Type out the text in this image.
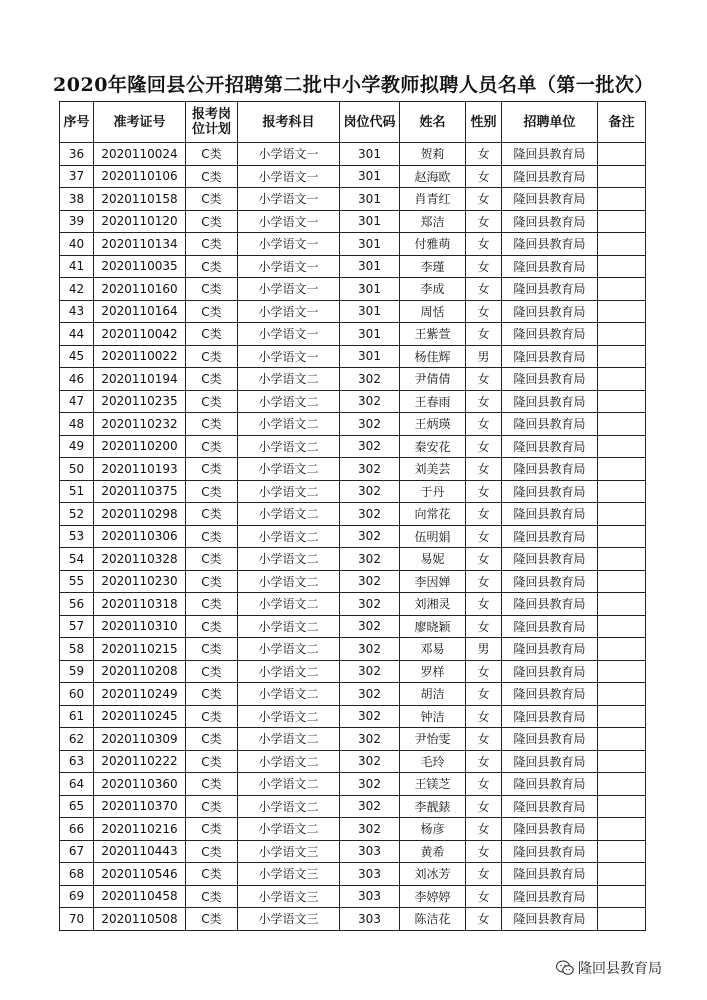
2020年隆回县公开招聘第二批中小学教师拟聘人员名单（第一批次）
序号	准考证号	报考岗位计划	报考科目	岗位代码	姓名	性别	招聘单位	备注
36	2020110024	C类	小学语文一	301	贺莉	女	隆回县教育局	
37	2020110106	C类	小学语文一	301	赵海欧	女	隆回县教育局	
38	2020110158	C类	小学语文一	301	肖青红	女	隆回县教育局	
39	2020110120	C类	小学语文一	301	郑洁	女	隆回县教育局	
40	2020110134	C类	小学语文一	301	付雅萌	女	隆回县教育局	
41	2020110035	C类	小学语文一	301	李瑾	女	隆回县教育局	
42	2020110160	C类	小学语文一	301	李成	女	隆回县教育局	
43	2020110164	C类	小学语文一	301	周恬	女	隆回县教育局	
44	2020110042	C类	小学语文一	301	王紫萱	女	隆回县教育局	
45	2020110022	C类	小学语文一	301	杨佳辉	男	隆回县教育局	
46	2020110194	C类	小学语文二	302	尹倩倩	女	隆回县教育局	
47	2020110235	C类	小学语文二	302	王春雨	女	隆回县教育局	
48	2020110232	C类	小学语文二	302	王炳瑛	女	隆回县教育局	
49	2020110200	C类	小学语文二	302	秦安花	女	隆回县教育局	
50	2020110193	C类	小学语文二	302	刘美芸	女	隆回县教育局	
51	2020110375	C类	小学语文二	302	于丹	女	隆回县教育局	
52	2020110298	C类	小学语文二	302	向常花	女	隆回县教育局	
53	2020110306	C类	小学语文二	302	伍明娟	女	隆回县教育局	
54	2020110328	C类	小学语文二	302	易妮	女	隆回县教育局	
55	2020110230	C类	小学语文二	302	李因婵	女	隆回县教育局	
56	2020110318	C类	小学语文二	302	刘湘灵	女	隆回县教育局	
57	2020110310	C类	小学语文二	302	廖晓颖	女	隆回县教育局	
58	2020110215	C类	小学语文二	302	邓易	男	隆回县教育局	
59	2020110208	C类	小学语文二	302	罗样	女	隆回县教育局	
60	2020110249	C类	小学语文二	302	胡洁	女	隆回县教育局	
61	2020110245	C类	小学语文二	302	钟洁	女	隆回县教育局	
62	2020110309	C类	小学语文二	302	尹怡雯	女	隆回县教育局	
63	2020110222	C类	小学语文二	302	毛玲	女	隆回县教育局	
64	2020110360	C类	小学语文二	302	王镁芝	女	隆回县教育局	
65	2020110370	C类	小学语文二	302	李靓錶	女	隆回县教育局	
66	2020110216	C类	小学语文二	302	杨彦	女	隆回县教育局	
67	2020110443	C类	小学语文三	303	黄希	女	隆回县教育局	
68	2020110546	C类	小学语文三	303	刘冰芳	女	隆回县教育局	
69	2020110458	C类	小学语文三	303	李婷婷	女	隆回县教育局	
70	2020110508	C类	小学语文三	303	陈洁花	女	隆回县教育局	
隆回县教育局
